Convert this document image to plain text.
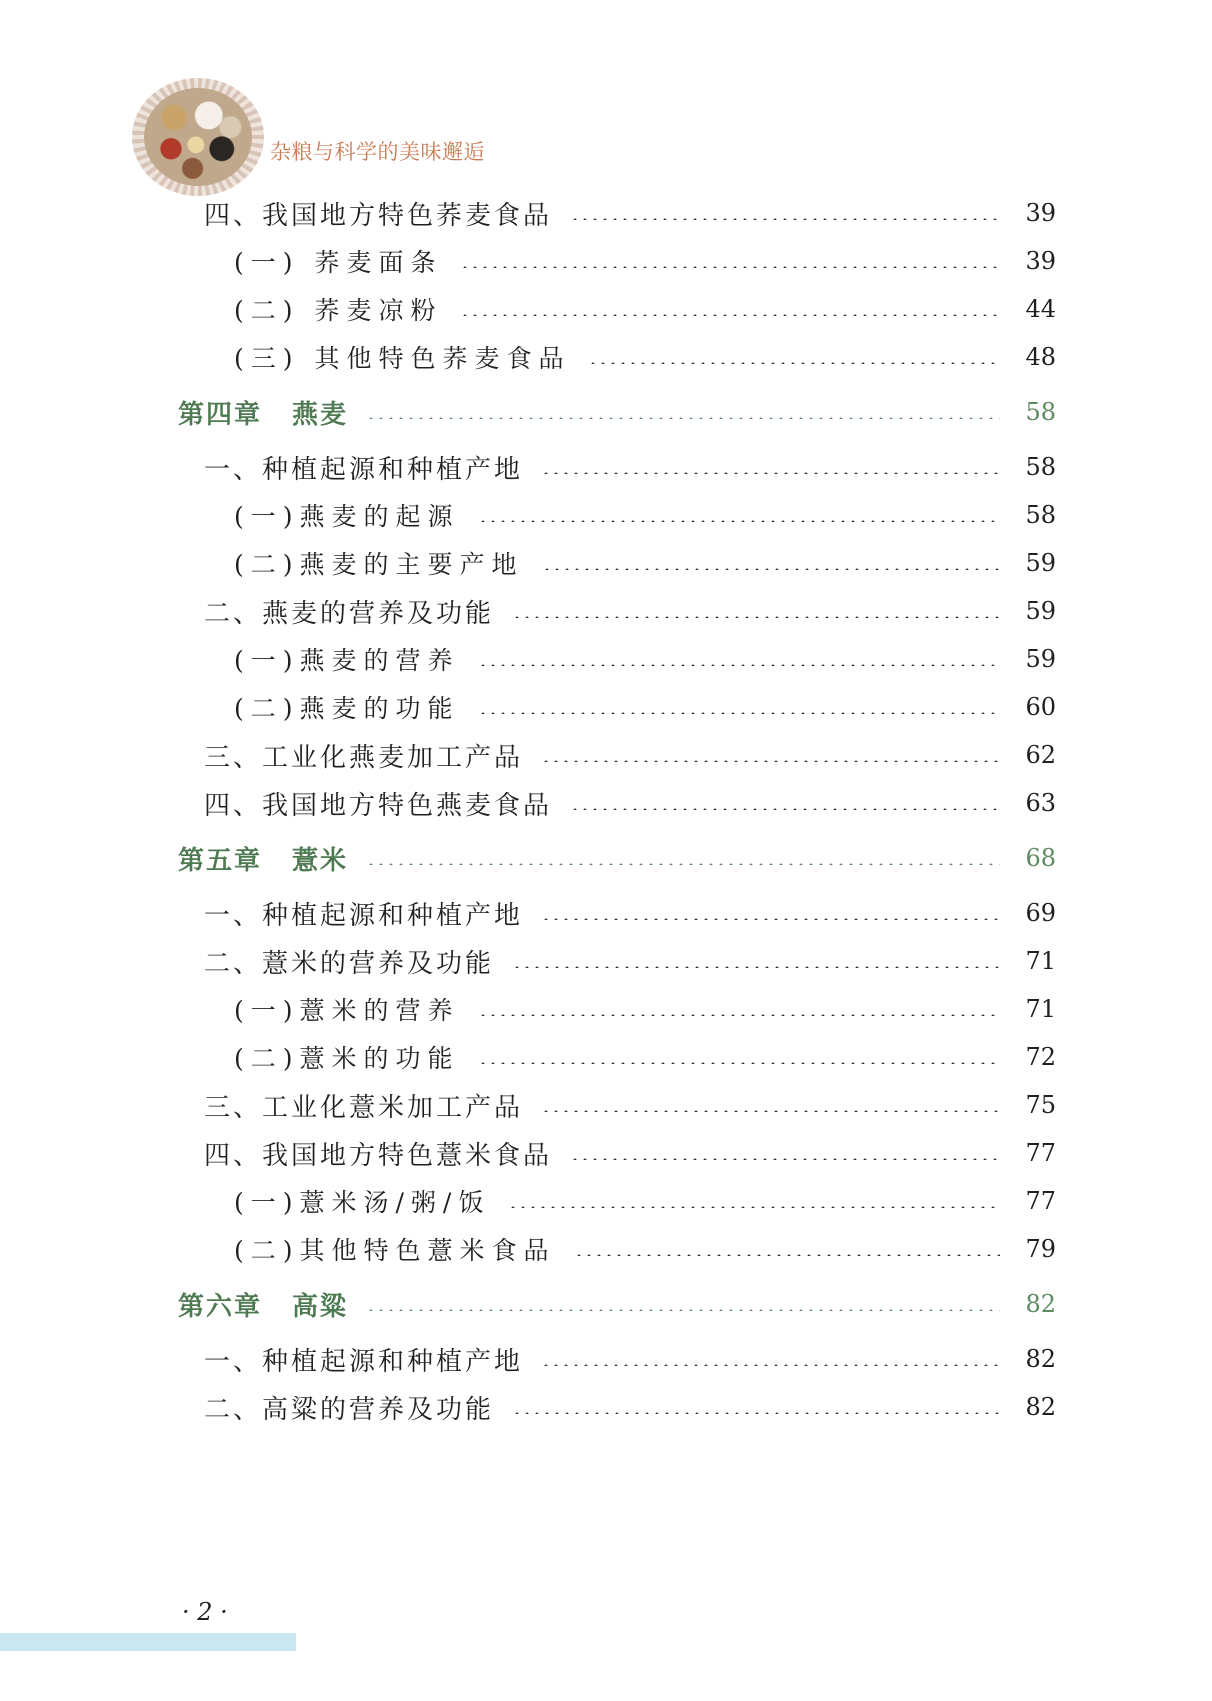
杂粮与科学的美味邂逅
四、我国地方特色荞麦食品	39
(一) 荞麦面条	39
(二) 荞麦凉粉	44
(三) 其他特色荞麦食品	48
第四章 燕麦	58
一、种植起源和种植产地	58
(一)燕麦的起源	58
(二)燕麦的主要产地	59
二、燕麦的营养及功能	59
(一)燕麦的营养	59
(二)燕麦的功能	60
三、工业化燕麦加工产品	62
四、我国地方特色燕麦食品	63
第五章 薏米	68
一、种植起源和种植产地	69
二、薏米的营养及功能	71
(一)薏米的营养	71
(二)薏米的功能	72
三、工业化薏米加工产品	75
四、我国地方特色薏米食品	77
(一)薏米汤/粥/饭	77
(二)其他特色薏米食品	79
第六章 高粱	82
一、种植起源和种植产地	82
二、高粱的营养及功能	82
· 2 ·
